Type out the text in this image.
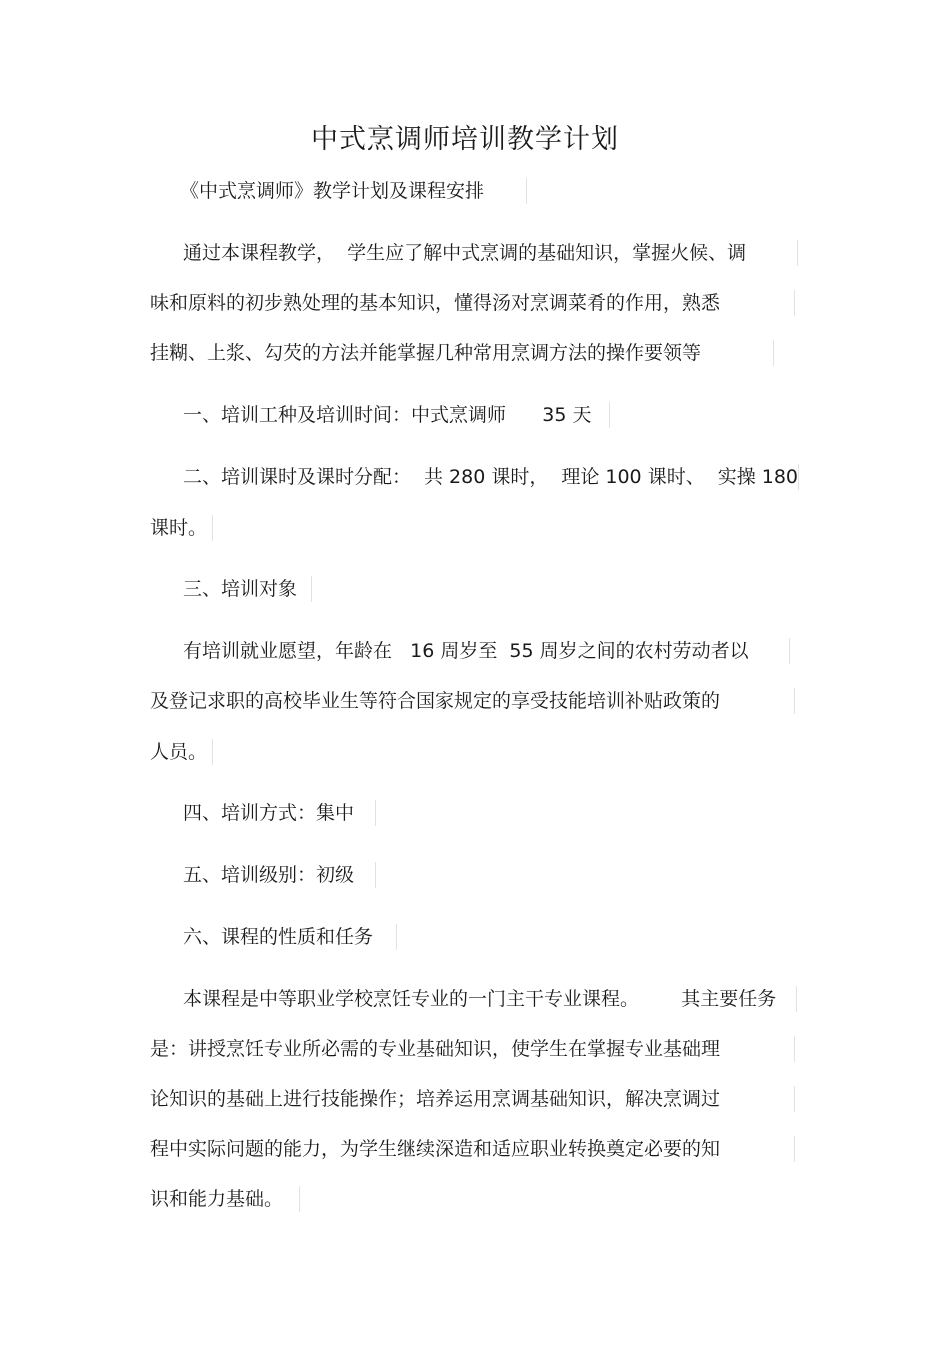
中式烹调师培训教学计划
《中式烹调师》教学计划及课程安排
通过本课程教学，  学生应了解中式烹调的基础知识，掌握火候、调
味和原料的初步熟处理的基本知识，懂得汤对烹调菜肴的作用，熟悉
挂糊、上浆、勾芡的方法并能掌握几种常用烹调方法的操作要领等
一、培训工种及培训时间：中式烹调师      35 天
二、培训课时及课时分配： 共 280 课时， 理论 100 课时、 实操 180
课时。
三、培训对象
有培训就业愿望，年龄在   16 周岁至  55 周岁之间的农村劳动者以
及登记求职的高校毕业生等符合国家规定的享受技能培训补贴政策的
人员。
四、培训方式：集中
五、培训级别：初级
六、课程的性质和任务
本课程是中等职业学校烹饪专业的一门主干专业课程。       其主要任务
是：讲授烹饪专业所必需的专业基础知识，使学生在掌握专业基础理
论知识的基础上进行技能操作；培养运用烹调基础知识，解决烹调过
程中实际问题的能力，为学生继续深造和适应职业转换奠定必要的知
识和能力基础。
